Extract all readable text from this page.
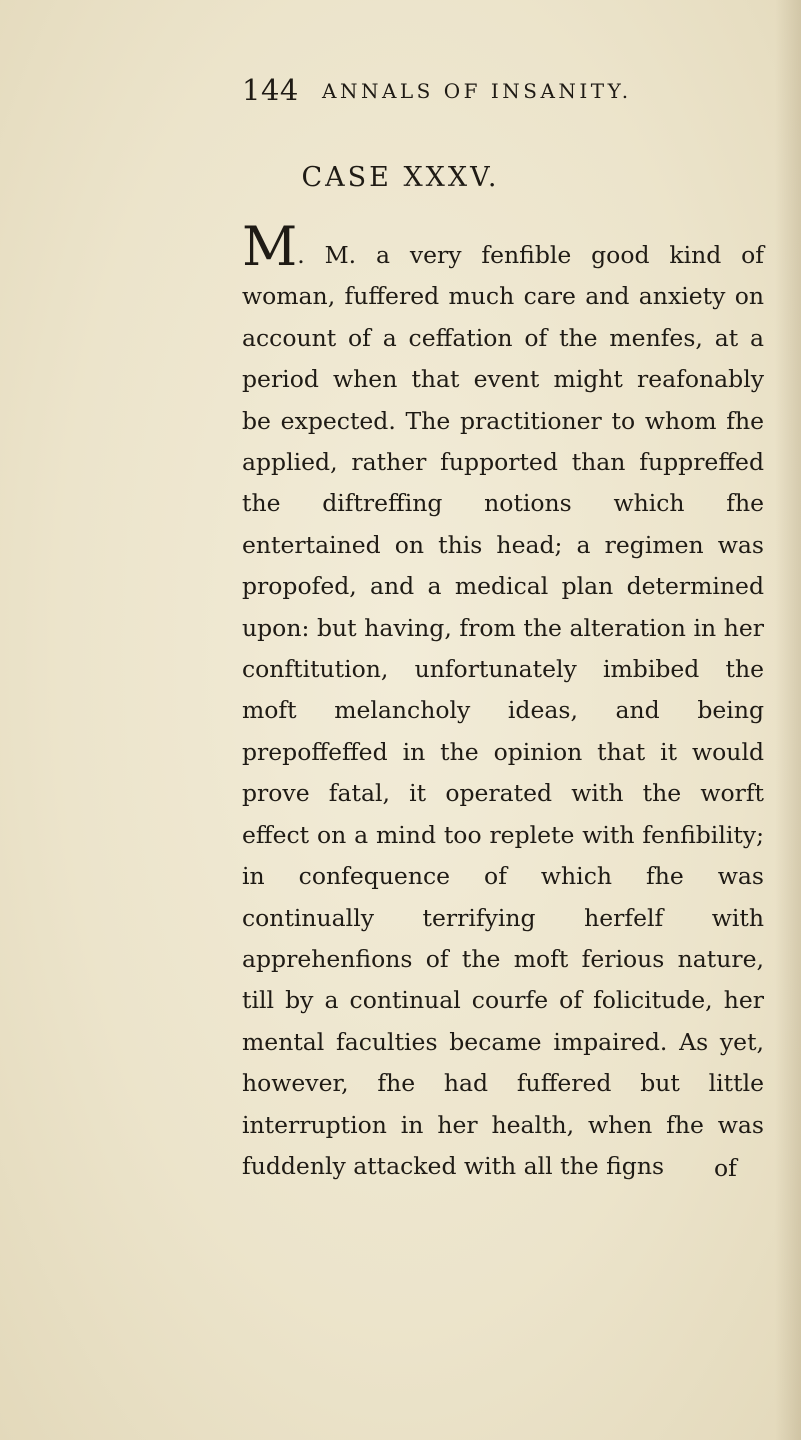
144 ANNALS OF INSANITY.
CASE XXXV.
M. M. a very fenfible good kind of woman, fuffered much care and anxiety on account of a ceffation of the menfes, at a period when that event might reafonably be expected. The practitioner to whom fhe applied, rather fupported than fuppreffed the diftreffing notions which fhe entertained on this head; a regimen was propofed, and a medical plan determined upon: but having, from the alteration in her conftitution, unfortunately imbibed the moft melancholy ideas, and being prepoffeffed in the opinion that it would prove fatal, it operated with the worft effect on a mind too replete with fenfibility; in confequence of which fhe was continually terrifying herfelf with apprehenfions of the moft ferious nature, till by a continual courfe of folicitude, her mental faculties became impaired. As yet, however, fhe had fuffered but little interruption in her health, when fhe was fuddenly attacked with all the figns	of
